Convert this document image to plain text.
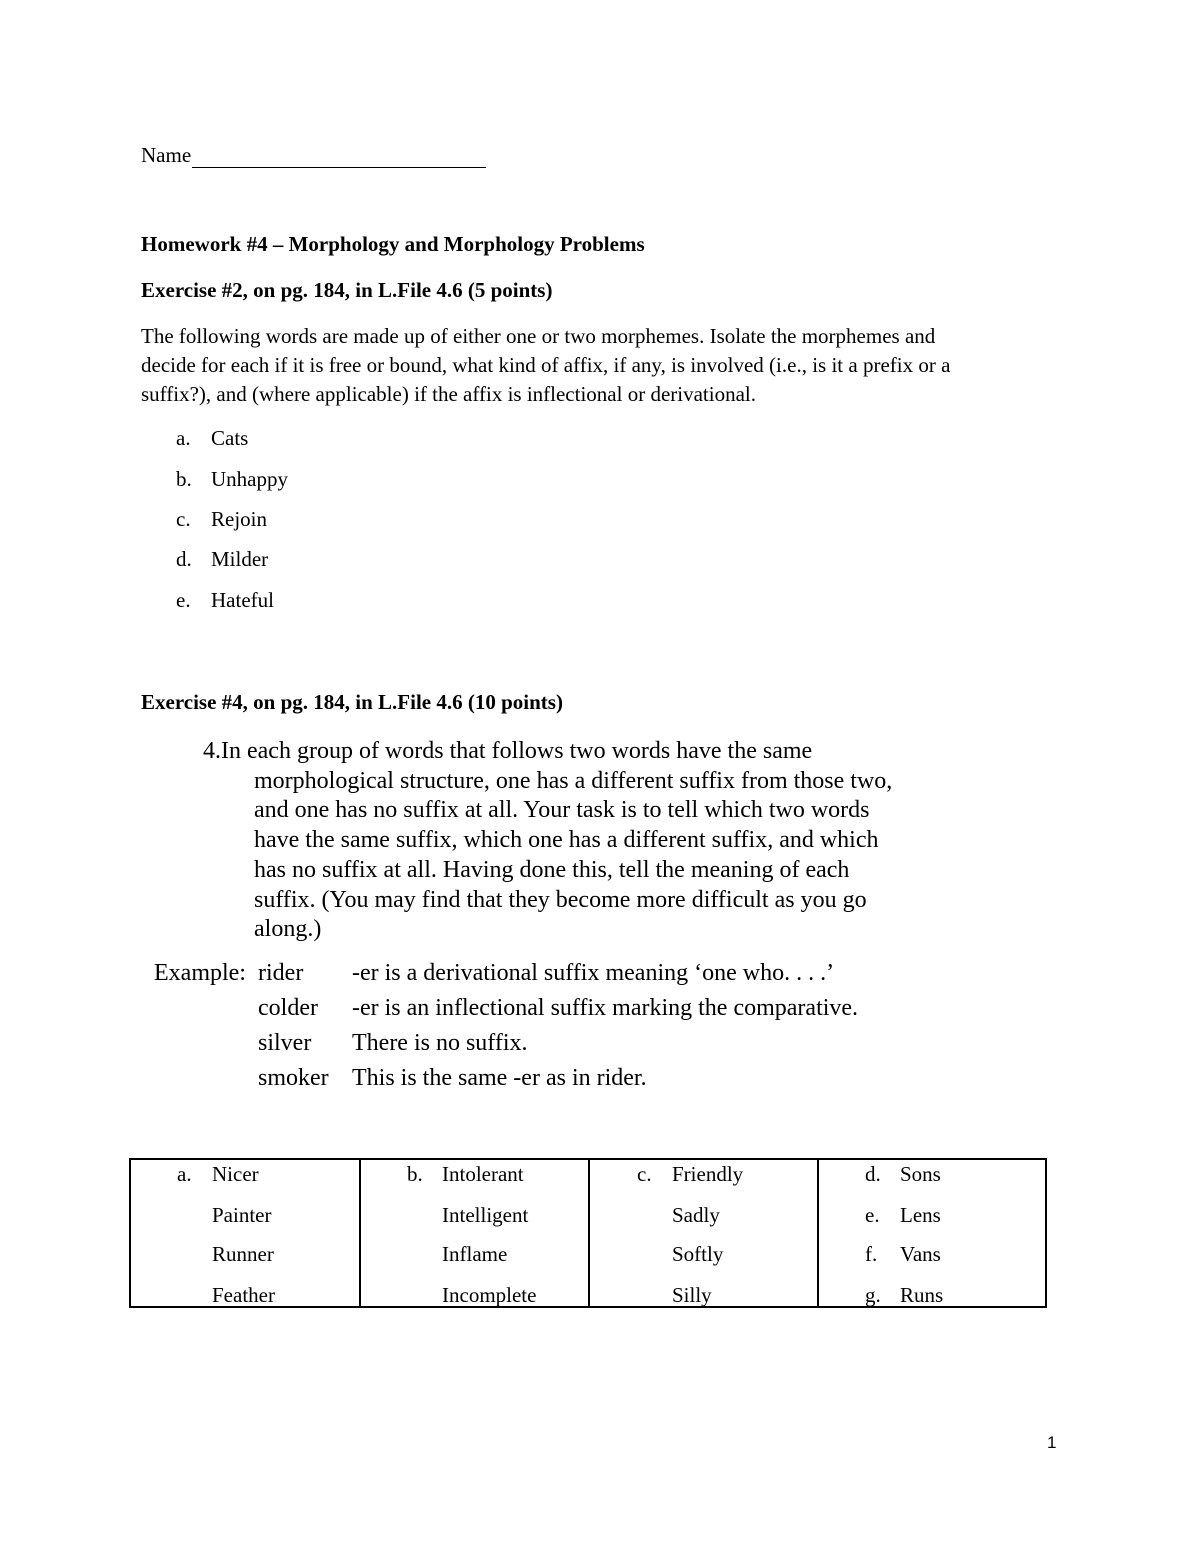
Name
Homework #4 – Morphology and Morphology Problems
Exercise #2, on pg. 184, in L.File 4.6 (5 points)
The following words are made up of either one or two morphemes. Isolate the morphemes and
decide for each if it is free or bound, what kind of affix, if any, is involved (i.e., is it a prefix or a
suffix?), and (where applicable) if the affix is inflectional or derivational.
a. Cats
b. Unhappy
c. Rejoin
d. Milder
e. Hateful
Exercise #4, on pg. 184, in L.File 4.6 (10 points)
4.In each group of words that follows two words have the same
morphological structure, one has a different suffix from those two,
and one has no suffix at all. Your task is to tell which two words
have the same suffix, which one has a different suffix, and which
has no suffix at all. Having done this, tell the meaning of each
suffix. (You may find that they become more difficult as you go
along.)
Example: rider -er is a derivational suffix meaning ‘one who. . . .’
colder -er is an inflectional suffix marking the comparative.
silver There is no suffix.
smoker This is the same -er as in rider.
a. Nicer
Painter
Runner
Feather
b. Intolerant
Intelligent
Inflame
Incomplete
c. Friendly
Sadly
Softly
Silly
d. Sons
e. Lens
f. Vans
g. Runs
1
